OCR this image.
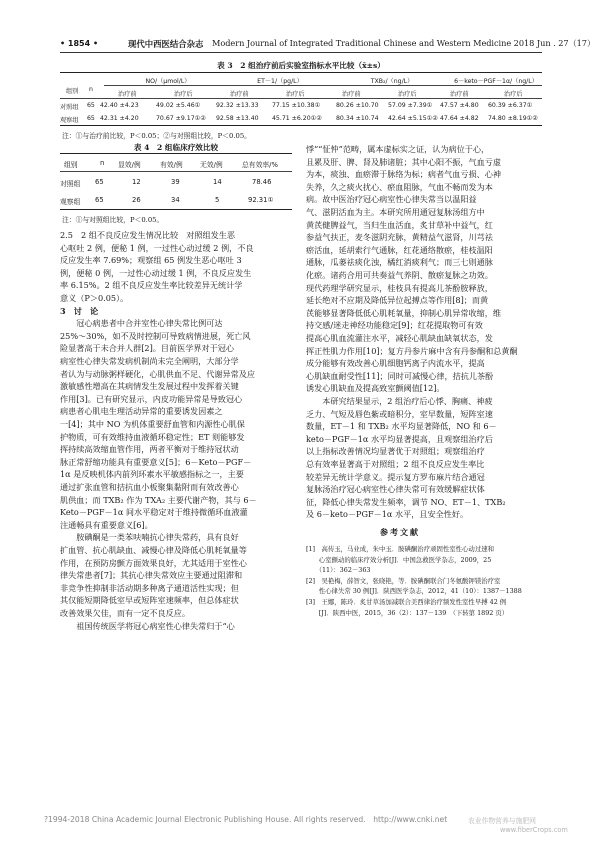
• 1854 •	现代中西医结合杂志 Modern Journal of Integrated Traditional Chinese and Western Medicine 2018 Jun . 27（17）
表 3　2 组治疗前后实验室指标水平比较（x̄±s）
组别 n
NO/（μmol/L）	ET－1/（pg/L）	TXB₂/（ng/L）	6－keto－PGF－1α/（ng/L）
治疗前	治疗后	治疗前	治疗后	治疗前	治疗后	治疗前	治疗后
对照组 65 42.40 ±4.23	49.02 ±5.46①	92.32 ±13.33 77.15 ±10.38①	80.26 ±10.70 57.09 ±7.39① 47.57 ±4.80 60.39 ±6.37①
观察组 65 42.31 ±4.20	70.67 ±9.17①② 92.58 ±13.40 45.71 ±6.20①② 80.34 ±10.74 42.64 ±5.15①② 47.64 ±4.82 74.80 ±8.19①②
注：①与治疗前比较，P＜0.05；②与对照组比较，P＜0.05。
表 4　2 组临床疗效比较
组别	n 显效/例	有效/例	无效/例	总有效率/%
对照组 65	12	39	14	78.46
观察组 65	26	34	5	92.31①
注：①与对照组比较，P＜0.05。
2.5　2 组不良反应发生情况比较　对照组发生恶
心呕吐 2 例，便秘 1 例，一过性心动过缓 2 例，不良
反应发生率 7.69%；观察组 65 例发生恶心呕吐 3
例，便秘 0 例，一过性心动过缓 1 例，不良反应发生
率 6.15%。2 组不良反应发生率比较差异无统计学
意义（P＞0.05）。
3　讨　论
　　冠心病患者中合并室性心律失常比例可达
25%～30%，如不及时控制可导致病情进展，死亡风
险显著高于未合并人群[2]。目前医学界对于冠心
病室性心律失常发病机制尚未完全阐明，大部分学
者认为与动脉粥样硬化，心肌供血不足、代谢异常及应
激敏感性增高在其病情发生发展过程中发挥着关键
作用[3]。已有研究显示，内皮功能异常是导致冠心
病患者心肌电生理活动异常的重要诱发因素之
一[4]；其中 NO 为机体重要舒血管和内源性心肌保
护物质，可有效维持血液循环稳定性；ET 则能够发
挥持续高效缩血管作用，两者平衡对于维持冠状动
脉正常舒缩功能具有重要意义[5]；6－Keto－PGF－
1α 是反映机体内前列环素水平敏感指标之一，主要
通过扩张血管和拮抗血小板聚集黏附而有效改善心
肌供血；而 TXB₂ 作为 TXA₂ 主要代谢产物，其与 6－
Keto－PGF－1α 间水平稳定对于维持微循环血液灌
注通畅具有重要意义[6]。
　　胺碘酮是一类苯呋喃抗心律失常药，具有良好
扩血管、抗心肌缺血、减慢心律及降低心肌耗氧量等
作用，在预防房颤方面效果良好，尤其适用于室性心
律失常患者[7]；其抗心律失常效应主要通过阻滞和
非竞争性抑制非活动期多种离子通道活性实现；但
其仅能短期降低室早或短阵室速频率，但总体症状
改善效果欠佳，而有一定不良反应。
　　祖国传统医学将冠心病室性心律失常归于“心
悸”“怔忡”范畴，属本虚标实之证，认为病位于心，
且累及肝、脾、肾及肺诸脏；其中心阳不振，气血亏虚
为本，痰浊、血瘀滞于脉络为标；病者气血亏损、心神
失养，久之痰火扰心、瘀血阻脉，气血不畅而发为本
病。故中医治疗冠心病室性心律失常当以温阳益
气、滋阴活血为主。本研究所用通冠复脉汤组方中
黄芪健脾益气，当归生血活血，炙甘草补中益气，红
参益气扶正，麦冬滋阴充脉，黄精益气滋肾，川芎祛
瘀活血，延胡索行气通脉，红花通络散瘀，桂枝温阳
通脉，瓜蒌祛痰化浊，橘红消痰利气；而三七则通脉
化瘀。诸药合用可共奏益气养阴、散瘀复脉之功效。
现代药理学研究显示，桂枝具有提高儿茶酚胺释放，
延长绝对不应期及降低异位起搏点等作用[8]；而黄
芪能够显著降低低心肌耗氧量，抑制心肌异常收缩，维
持交感/迷走神经功能稳定[9]；红花提取物可有效
提高心肌血流灌注水平，减轻心肌缺血缺氧状态，发
挥正性肌力作用[10]；复方丹参片麻中含有丹参酮和总黄酮
成分能够有效改善心肌细胞钙离子内流水平，提高
心肌缺血耐受性[11]；同时可减慢心律，拮抗儿茶酚
诱发心肌缺血及提高致室颤阈值[12]。
　　本研究结果显示，2 组治疗后心悸、胸痛、神疲
乏力、气短及唇色紫或暗积分，室早数量，短阵室速
数量，ET－1 和 TXB₂ 水平均显著降低，NO 和 6－
keto－PGF－1α 水平均显著提高，且观察组治疗后
以上指标改善情况均显著优于对照组；观察组治疗
总有效率显著高于对照组；2 组不良反应发生率比
较差异无统计学意义。提示复方罗布麻片结合通冠
复脉汤治疗冠心病室性心律失常可有效缓解症状体
征，降低心律失常发生频率，调节 NO、ET－1、TXB₂
及 6－keto－PGF－1α 水平，且安全性好。
参考文献
[1]　高传玉，马业成，朱中玉．胺碘酮治疗顽固性室性心动过速和
　　心室颤动的临床疗效分析[J]．中国急救医学杂志，2009，25
　　（11）：362－363
[2]　吴艳梅，薛智文，张晓艳，等．胺碘酮联合门冬氨酸钾镁治疗室
　　性心律失常 30 例[J]．陕西医学杂志，2012，41（10）：1387－1388
[3]　王娜，陈玲．炙甘草汤加减联合美西律治疗频发性室性早搏 42 例
　　[J]．陕西中医，2015，36（2）：137－139　（下转第 1892 页）
?1994-2018 China Academic Journal Electronic Publishing House. All rights reserved.　http://www.cnki.net	农业作物营养与施肥网
www.fiberCrops.com
